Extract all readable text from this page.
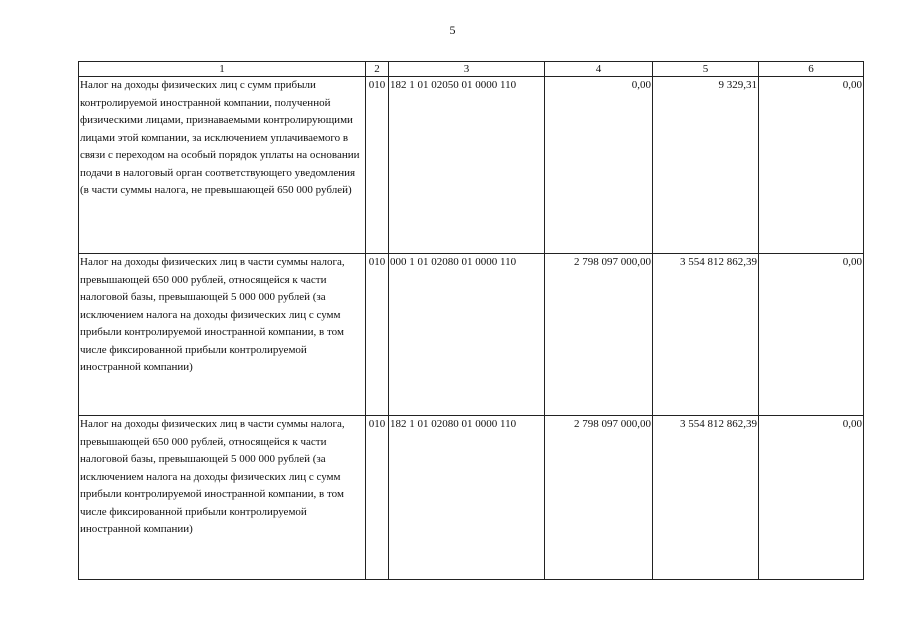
5
1	2	3	4	5	6
Налог на доходы физических лиц с сумм прибыли контролируемой иностранной компании, полученной физическими лицами, признаваемыми контролирующими лицами этой компании, за исключением уплачиваемого в связи с переходом на особый порядок уплаты на основании подачи в налоговый орган соответствующего уведомления (в части суммы налога, не превышающей 650 000 рублей)	010	182 1 01 02050 01 0000 110	0,00	9 329,31	0,00
Налог на доходы физических лиц в части суммы налога, превышающей 650 000 рублей, относящейся к части налоговой базы, превышающей 5 000 000 рублей (за исключением налога на доходы физических лиц с сумм прибыли контролируемой иностранной компании, в том числе фиксированной прибыли контролируемой иностранной компании)	010	000 1 01 02080 01 0000 110	2 798 097 000,00	3 554 812 862,39	0,00
Налог на доходы физических лиц в части суммы налога, превышающей 650 000 рублей, относящейся к части налоговой базы, превышающей 5 000 000 рублей (за исключением налога на доходы физических лиц с сумм прибыли контролируемой иностранной компании, в том числе фиксированной прибыли контролируемой иностранной компании)	010	182 1 01 02080 01 0000 110	2 798 097 000,00	3 554 812 862,39	0,00
